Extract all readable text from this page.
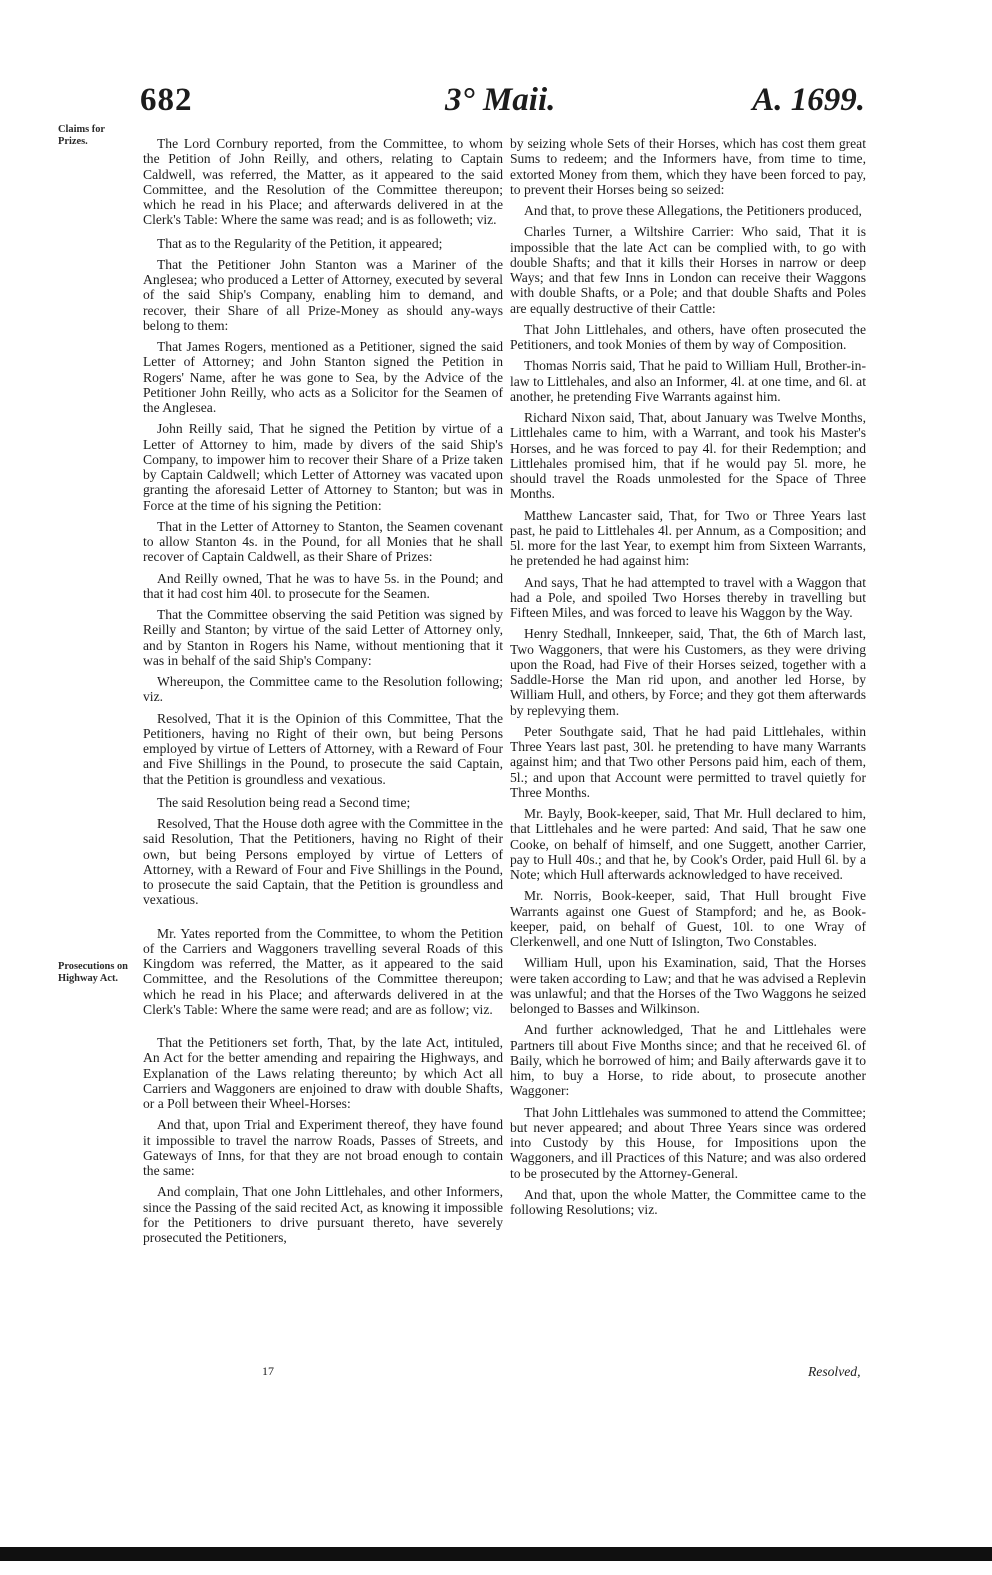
682	3° Maii.	A. 1699.
Claims for Prizes.
Prosecutions on Highway Act.

The Lord Cornbury reported, from the Committee, to whom the Petition of John Reilly, and others, relating to Captain Caldwell, was referred, the Matter, as it appeared to the said Committee, and the Resolution of the Committee thereupon; which he read in his Place; and afterwards delivered in at the Clerk's Table: Where the same was read; and is as followeth; viz.

That as to the Regularity of the Petition, it appeared;

That the Petitioner John Stanton was a Mariner of the Anglesea; who produced a Letter of Attorney, executed by several of the said Ship's Company, enabling him to demand, and recover, their Share of all Prize-Money as should any-ways belong to them:

That James Rogers, mentioned as a Petitioner, signed the said Letter of Attorney; and John Stanton signed the Petition in Rogers' Name, after he was gone to Sea, by the Advice of the Petitioner John Reilly, who acts as a Solicitor for the Seamen of the Anglesea.

John Reilly said, That he signed the Petition by virtue of a Letter of Attorney to him, made by divers of the said Ship's Company, to impower him to recover their Share of a Prize taken by Captain Caldwell; which Letter of Attorney was vacated upon granting the aforesaid Letter of Attorney to Stanton; but was in Force at the time of his signing the Petition:

That in the Letter of Attorney to Stanton, the Seamen covenant to allow Stanton 4s. in the Pound, for all Monies that he shall recover of Captain Caldwell, as their Share of Prizes:

And Reilly owned, That he was to have 5s. in the Pound; and that it had cost him 40l. to prosecute for the Seamen.

That the Committee observing the said Petition was signed by Reilly and Stanton; by virtue of the said Letter of Attorney only, and by Stanton in Rogers his Name, without mentioning that it was in behalf of the said Ship's Company:

Whereupon, the Committee came to the Resolution following; viz.

Resolved, That it is the Opinion of this Committee, That the Petitioners, having no Right of their own, but being Persons employed by virtue of Letters of Attorney, with a Reward of Four and Five Shillings in the Pound, to prosecute the said Captain, that the Petition is groundless and vexatious.

The said Resolution being read a Second time;

Resolved, That the House doth agree with the Committee in the said Resolution, That the Petitioners, having no Right of their own, but being Persons employed by virtue of Letters of Attorney, with a Reward of Four and Five Shillings in the Pound, to prosecute the said Captain, that the Petition is groundless and vexatious.

Mr. Yates reported from the Committee, to whom the Petition of the Carriers and Waggoners travelling several Roads of this Kingdom was referred, the Matter, as it appeared to the said Committee, and the Resolutions of the Committee thereupon; which he read in his Place; and afterwards delivered in at the Clerk's Table: Where the same were read; and are as follow; viz.

That the Petitioners set forth, That, by the late Act, intituled, An Act for the better amending and repairing the Highways, and Explanation of the Laws relating thereunto; by which Act all Carriers and Waggoners are enjoined to draw with double Shafts, or a Poll between their Wheel-Horses:

And that, upon Trial and Experiment thereof, they have found it impossible to travel the narrow Roads, Passes of Streets, and Gateways of Inns, for that they are not broad enough to contain the same:

And complain, That one John Littlehales, and other Informers, since the Passing of the said recited Act, as knowing it impossible for the Petitioners to drive pursuant thereto, have severely prosecuted the Petitioners,

by seizing whole Sets of their Horses, which has cost them great Sums to redeem; and the Informers have, from time to time, extorted Money from them, which they have been forced to pay, to prevent their Horses being so seized:

And that, to prove these Allegations, the Petitioners produced,

Charles Turner, a Wiltshire Carrier: Who said, That it is impossible that the late Act can be complied with, to go with double Shafts; and that it kills their Horses in narrow or deep Ways; and that few Inns in London can receive their Waggons with double Shafts, or a Pole; and that double Shafts and Poles are equally destructive of their Cattle:

That John Littlehales, and others, have often prosecuted the Petitioners, and took Monies of them by way of Composition.

Thomas Norris said, That he paid to William Hull, Brother-in-law to Littlehales, and also an Informer, 4l. at one time, and 6l. at another, he pretending Five Warrants against him.

Richard Nixon said, That, about January was Twelve Months, Littlehales came to him, with a Warrant, and took his Master's Horses, and he was forced to pay 4l. for their Redemption; and Littlehales promised him, that if he would pay 5l. more, he should travel the Roads unmolested for the Space of Three Months.

Matthew Lancaster said, That, for Two or Three Years last past, he paid to Littlehales 4l. per Annum, as a Composition; and 5l. more for the last Year, to exempt him from Sixteen Warrants, he pretended he had against him:

And says, That he had attempted to travel with a Waggon that had a Pole, and spoiled Two Horses thereby in travelling but Fifteen Miles, and was forced to leave his Waggon by the Way.

Henry Stedhall, Innkeeper, said, That, the 6th of March last, Two Waggoners, that were his Customers, as they were driving upon the Road, had Five of their Horses seized, together with a Saddle-Horse the Man rid upon, and another led Horse, by William Hull, and others, by Force; and they got them afterwards by replevying them.

Peter Southgate said, That he had paid Littlehales, within Three Years last past, 30l. he pretending to have many Warrants against him; and that Two other Persons paid him, each of them, 5l.; and upon that Account were permitted to travel quietly for Three Months.

Mr. Bayly, Book-keeper, said, That Mr. Hull declared to him, that Littlehales and he were parted: And said, That he saw one Cooke, on behalf of himself, and one Suggett, another Carrier, pay to Hull 40s.; and that he, by Cook's Order, paid Hull 6l. by a Note; which Hull afterwards acknowledged to have received.

Mr. Norris, Book-keeper, said, That Hull brought Five Warrants against one Guest of Stampford; and he, as Book-keeper, paid, on behalf of Guest, 10l. to one Wray of Clerkenwell, and one Nutt of Islington, Two Constables.

William Hull, upon his Examination, said, That the Horses were taken according to Law; and that he was advised a Replevin was unlawful; and that the Horses of the Two Waggons he seized belonged to Basses and Wilkinson.

And further acknowledged, That he and Littlehales were Partners till about Five Months since; and that he received 6l. of Baily, which he borrowed of him; and Baily afterwards gave it to him, to buy a Horse, to ride about, to prosecute another Waggoner:

That John Littlehales was summoned to attend the Committee; but never appeared; and about Three Years since was ordered into Custody by this House, for Impositions upon the Waggoners, and ill Practices of this Nature; and was also ordered to be prosecuted by the Attorney-General.

And that, upon the whole Matter, the Committee came to the following Resolutions; viz.

17	Resolved,
